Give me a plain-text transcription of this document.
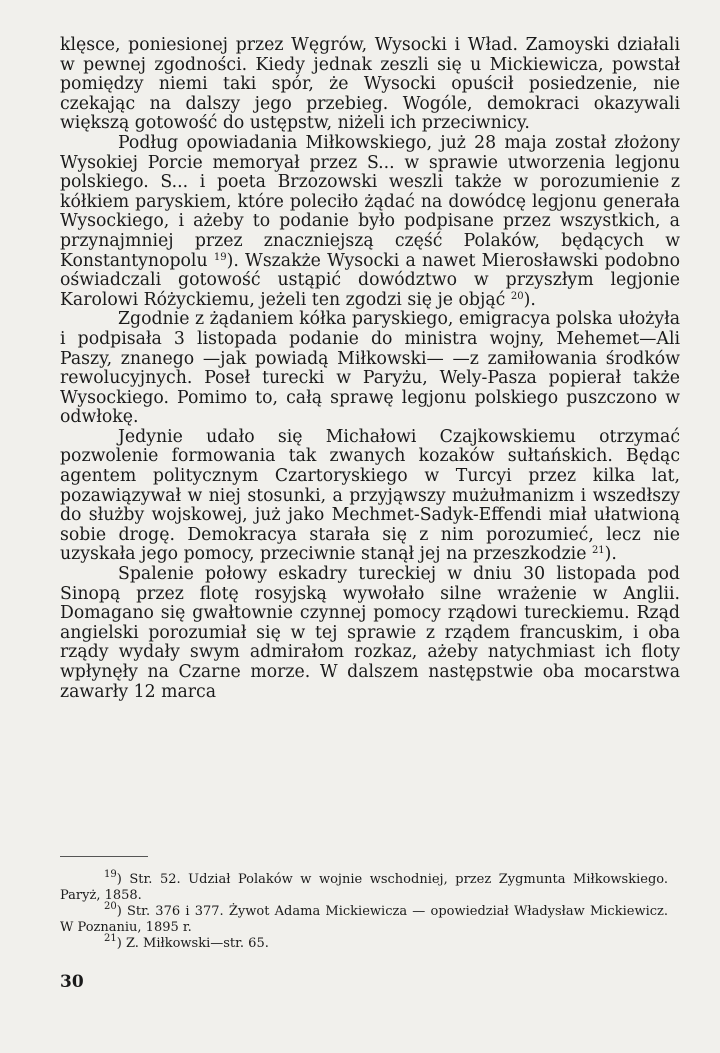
klęsce, poniesionej przez Węgrów, Wysocki i Wład. Zamoyski działali w pewnej zgodności. Kiedy jednak zeszli się u Mickiewicza, powstał pomiędzy niemi taki spór, że Wysocki opuścił posiedzenie, nie czekając na dalszy jego przebieg. Wogóle, demokraci okazywali większą gotowość do ustępstw, niżeli ich przeciwnicy.

Podług opowiadania Miłkowskiego, już 28 maja został złożony Wysokiej Porcie memoryał przez S... w sprawie utworzenia legjonu polskiego. S... i poeta Brzozowski weszli także w porozumienie z kółkiem paryskiem, które poleciło żądać na dowódcę legjonu generała Wysockiego, i ażeby to podanie było podpisane przez wszystkich, a przynajmniej przez znaczniejszą część Polaków, będących w Konstantynopolu $^{19}$). Wszakże Wysocki a nawet Mierosławski podobno oświadczali gotowość ustąpić dowództwo w przyszłym legjonie Karolowi Różyckiemu, jeżeli ten zgodzi się je objąć $^{20}$).

Zgodnie z żądaniem kółka paryskiego, emigracya polska ułożyła i podpisała 3 listopada podanie do ministra wojny, Mehemet—Ali Paszy, znanego —jak powiadą Miłkowski— —z zamiłowania środków rewolucyjnych. Poseł turecki w Paryżu, Wely-Pasza popierał także Wysockiego. Pomimo to, całą sprawę legjonu polskiego puszczono w odwłokę.

Jedynie udało się Michałowi Czajkowskiemu otrzymać pozwolenie formowania tak zwanych kozaków sułtańskich. Będąc agentem politycznym Czartoryskiego w Turcyi przez kilka lat, pozawiązywał w niej stosunki, a przyjąwszy mużułmanizm i wszedłszy do służby wojskowej, już jako Mechmet-Sadyk-Effendi miał ułatwioną sobie drogę. Demokracya starała się z nim porozumieć, lecz nie uzyskała jego pomocy, przeciwnie stanął jej na przeszkodzie $^{21}$).

Spalenie połowy eskadry tureckiej w dniu 30 listopada pod Sinopą przez flotę rosyjską wywołało silne wrażenie w Anglii. Domagano się gwałtownie czynnej pomocy rządowi tureckiemu. Rząd angielski porozumiał się w tej sprawie z rządem francuskim, i oba rządy wydały swym admirałom rozkaz, ażeby natychmiast ich floty wpłynęły na Czarne morze. W dalszem następstwie oba mocarstwa zawarły 12 marca

$^{19}$) Str. 52. Udział Polaków w wojnie wschodniej, przez Zygmunta Miłkowskiego. Paryż, 1858.

$^{20}$) Str. 376 i 377. Żywot Adama Mickiewicza — opowiedział Władysław Mickiewicz. W Poznaniu, 1895 r.

$^{21}$) Z. Miłkowski—str. 65.

30
